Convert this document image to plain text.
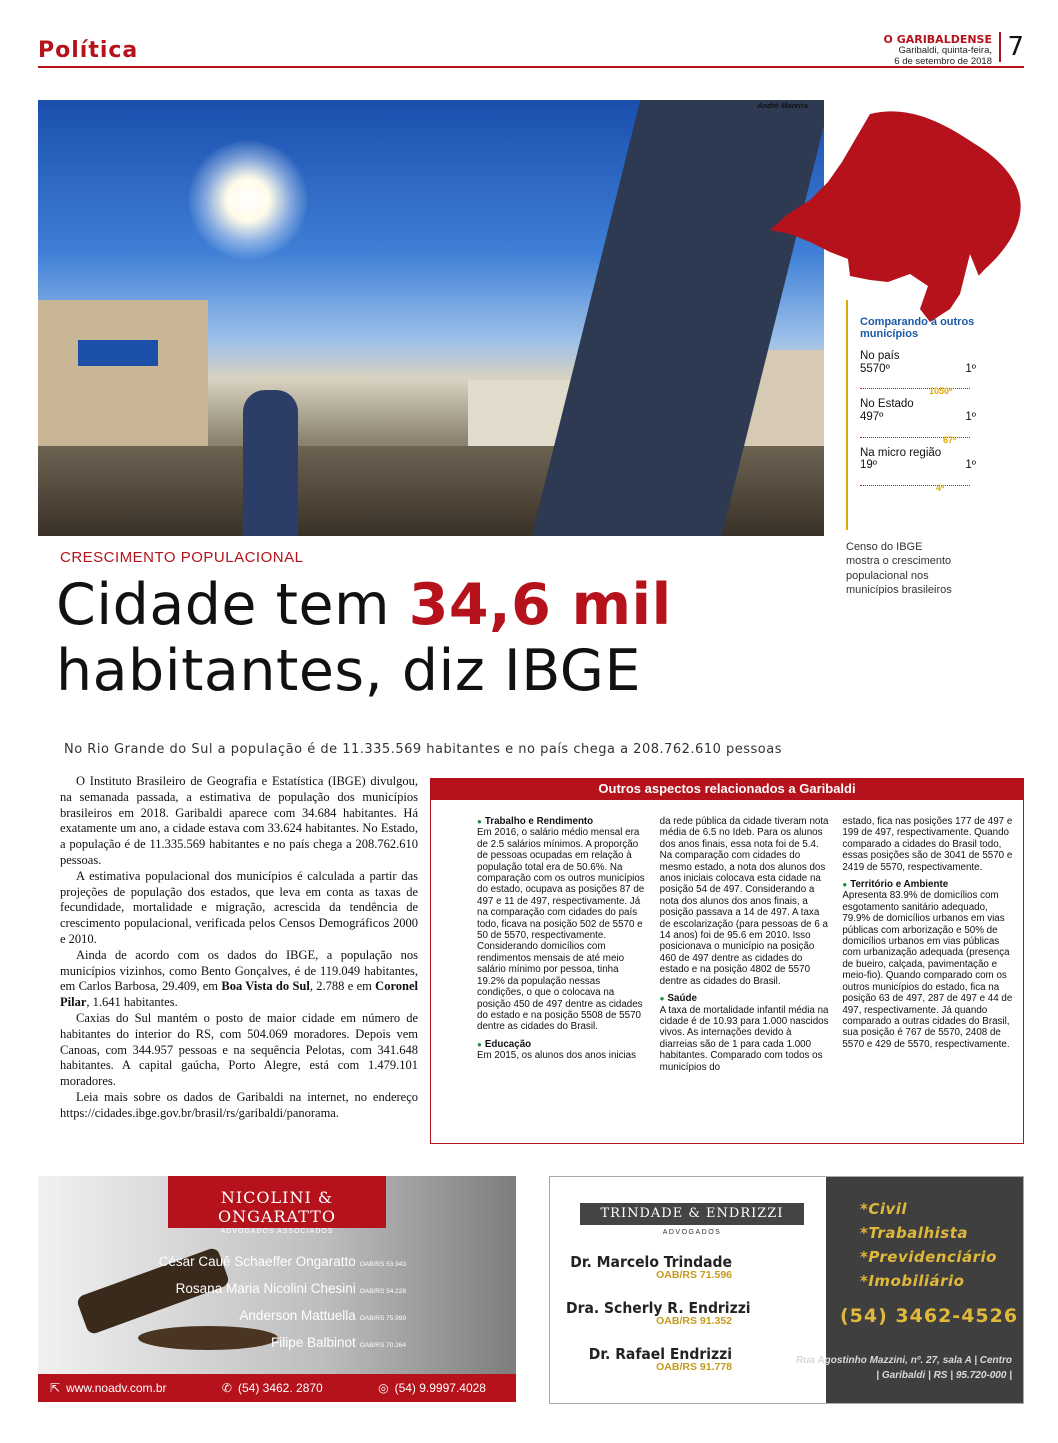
Política	O GARIBALDENSE
Garibaldi, quinta-feira,
6 de setembro de 2018 7
André Moreira
Comparando a outros municípios
No país
5570º	1º
1050º
No Estado
497º	1º
67º
Na micro região
19º	1º
4º
Censo do IBGE mostra o crescimento populacional nos municípios brasileiros
CRESCIMENTO POPULACIONAL
Cidade tem 34,6 mil
habitantes, diz IBGE
No Rio Grande do Sul a população é de 11.335.569 habitantes e no país chega a 208.762.610 pessoas

O Instituto Brasileiro de Geografia e Estatística (IBGE) divulgou, na semanada passada, a estimativa de população dos municípios brasileiros em 2018. Garibaldi aparece com 34.684 habitantes. Há exatamente um ano, a cidade estava com 33.624 habitantes. No Estado, a população é de 11.335.569 habitantes e no país chega a 208.762.610 pessoas.

A estimativa populacional dos municípios é calculada a partir das projeções de população dos estados, que leva em conta as taxas de fecundidade, mortalidade e migração, acrescida da tendência de crescimento populacional, verificada pelos Censos Demográficos 2000 e 2010.

Ainda de acordo com os dados do IBGE, a população nos municípios vizinhos, como Bento Gonçalves, é de 119.049 habitantes, em Carlos Barbosa, 29.409, em Boa Vista do Sul, 2.788 e em Coronel Pilar, 1.641 habitantes.

Caxias do Sul mantém o posto de maior cidade em número de habitantes do interior do RS, com 504.069 moradores. Depois vem Canoas, com 344.957 pessoas e na sequência Pelotas, com 341.648 habitantes. A capital gaúcha, Porto Alegre, está com 1.479.101 moradores.

Leia mais sobre os dados de Garibaldi na internet, no endereço https://cidades.ibge.gov.br/brasil/rs/garibaldi/panorama.

Outros aspectos relacionados a Garibaldi
● Trabalho e Rendimento

Em 2016, o salário médio mensal era de 2.5 salários mínimos. A proporção de pessoas ocupadas em relação à população total era de 50.6%. Na comparação com os outros municípios do estado, ocupava as posições 87 de 497 e 11 de 497, respectivamente. Já na comparação com cidades do país todo, ficava na posição 502 de 5570 e 50 de 5570, respectivamente. Considerando domicílios com rendimentos mensais de até meio salário mínimo por pessoa, tinha 19.2% da população nessas condições, o que o colocava na posição 450 de 497 dentre as cidades do estado e na posição 5508 de 5570 dentre as cidades do Brasil.

● Educação

Em 2015, os alunos dos anos inicias

da rede pública da cidade tiveram nota média de 6.5 no Ideb. Para os alunos dos anos finais, essa nota foi de 5.4. Na comparação com cidades do mesmo estado, a nota dos alunos dos anos iniciais colocava esta cidade na posição 54 de 497. Considerando a nota dos alunos dos anos finais, a posição passava a 14 de 497. A taxa de escolarização (para pessoas de 6 a 14 anos) foi de 95.6 em 2010. Isso posicionava o município na posição 460 de 497 dentre as cidades do estado e na posição 4802 de 5570 dentre as cidades do Brasil.

● Saúde

A taxa de mortalidade infantil média na cidade é de 10.93 para 1.000 nascidos vivos. As internações devido à diarreias são de 1 para cada 1.000 habitantes. Comparado com todos os municípios do

estado, fica nas posições 177 de 497 e 199 de 497, respectivamente. Quando comparado a cidades do Brasil todo, essas posições são de 3041 de 5570 e 2419 de 5570, respectivamente.

● Território e Ambiente

Apresenta 83.9% de domicílios com esgotamento sanitário adequado, 79.9% de domicílios urbanos em vias públicas com arborização e 50% de domicílios urbanos em vias públicas com urbanização adequada (presença de bueiro, calçada, pavimentação e meio-fio). Quando comparado com os outros municípios do estado, fica na posição 63 de 497, 287 de 497 e 44 de 497, respectivamente. Já quando comparado a outras cidades do Brasil, sua posição é 767 de 5570, 2408 de 5570 e 429 de 5570, respectivamente.

NICOLINI & ONGARATTO
ADVOGADOS ASSOCIADOS
César Cauê Schaeffer Ongaratto OAB/RS 53.943
Rosana Maria Nicolini Chesini OAB/RS 54.228
Anderson Mattuella OAB/RS 75.999
Filipe Balbinot OAB/RS 70.264
⇱ www.noadv.com.br	✆ (54) 3462. 2870	◎ (54) 9.9997.4028
TRINDADE & ENDRIZZI
ADVOGADOS
Dr. Marcelo Trindade
OAB/RS 71.596
Dra. Scherly R. Endrizzi
OAB/RS 91.352
Dr. Rafael Endrizzi
OAB/RS 91.778
*Civil
*Trabalhista
*Previdenciário
*Imobiliário
(54) 3462-4526
Rua Agostinho Mazzini, nº. 27, sala A | Centro
| Garibaldi | RS | 95.720-000 |
